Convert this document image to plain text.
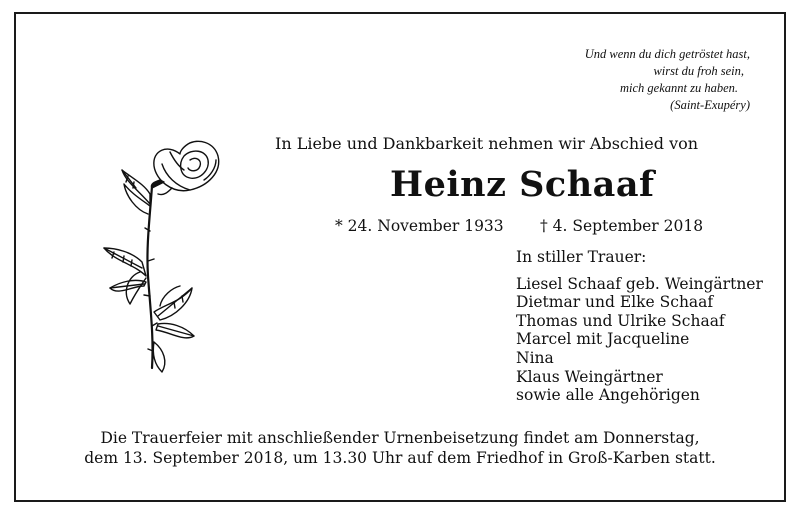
Und wenn du dich getröstet hast,
wirst du froh sein,
mich gekannt zu haben.
(Saint-Exupéry)
In Liebe und Dankbarkeit nehmen wir Abschied von
Heinz Schaaf
* 24. November 1933 † 4. September 2018
In stiller Trauer:
Liesel Schaaf geb. Weingärtner
Dietmar und Elke Schaaf
Thomas und Ulrike Schaaf
Marcel mit Jacqueline
Nina
Klaus Weingärtner
sowie alle Angehörigen
Die Trauerfeier mit anschließender Urnenbeisetzung findet am Donnerstag,
dem 13. September 2018, um 13.30 Uhr auf dem Friedhof in Groß-Karben statt.
